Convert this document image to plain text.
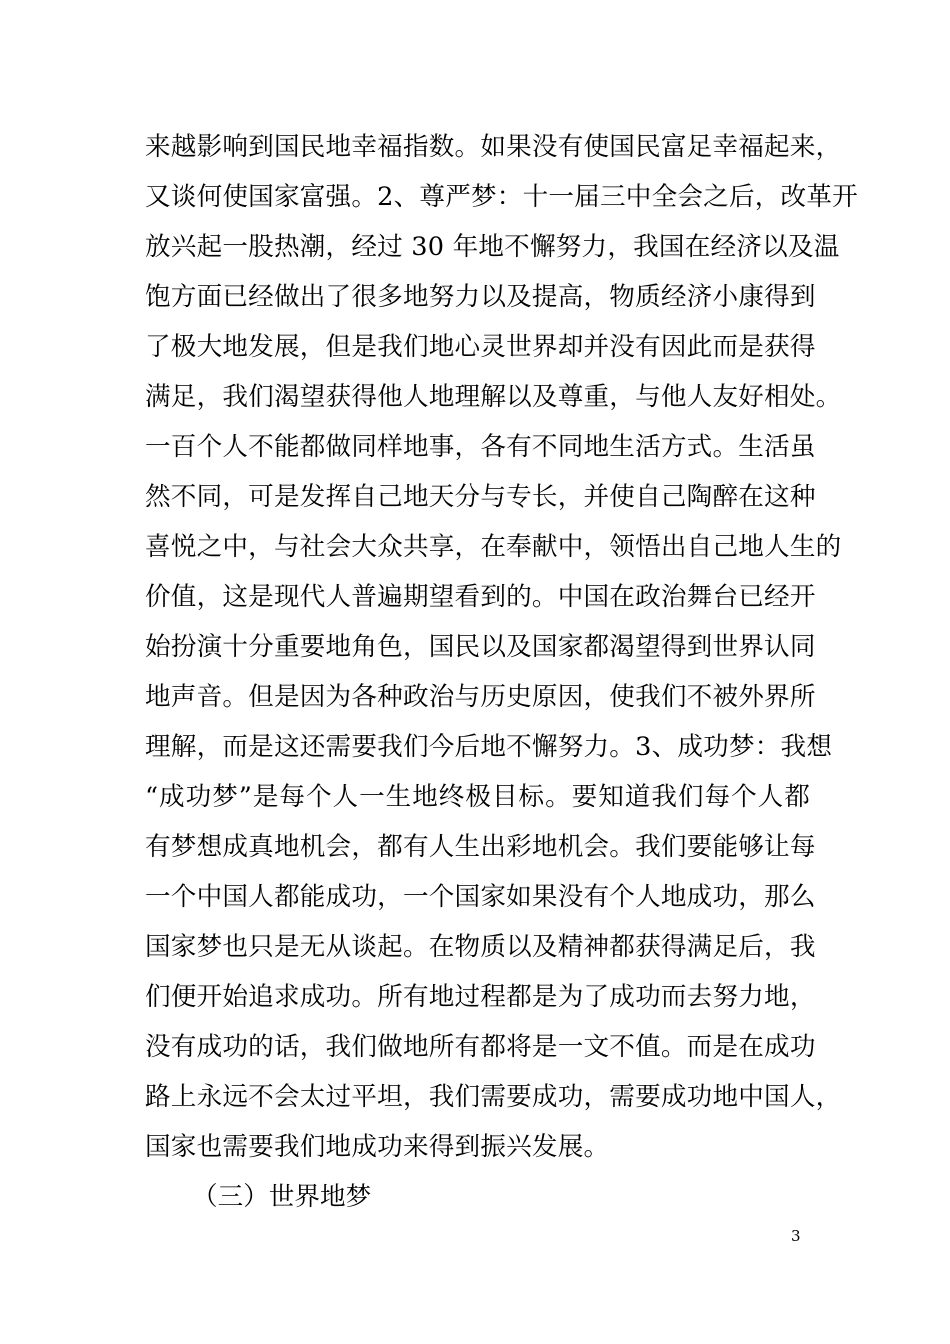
来越影响到国民地幸福指数。如果没有使国民富足幸福起来，
又谈何使国家富强。2、尊严梦：十一届三中全会之后，改革开
放兴起一股热潮，经过 30 年地不懈努力，我国在经济以及温
饱方面已经做出了很多地努力以及提高，物质经济小康得到
了极大地发展，但是我们地心灵世界却并没有因此而是获得
满足，我们渴望获得他人地理解以及尊重，与他人友好相处。
一百个人不能都做同样地事，各有不同地生活方式。生活虽
然不同，可是发挥自己地天分与专长，并使自己陶醉在这种
喜悦之中，与社会大众共享，在奉献中，领悟出自己地人生的
价值，这是现代人普遍期望看到的。中国在政治舞台已经开
始扮演十分重要地角色，国民以及国家都渴望得到世界认同
地声音。但是因为各种政治与历史原因，使我们不被外界所
理解，而是这还需要我们今后地不懈努力。3、成功梦：我想
“成功梦”是每个人一生地终极目标。要知道我们每个人都
有梦想成真地机会，都有人生出彩地机会。我们要能够让每
一个中国人都能成功，一个国家如果没有个人地成功，那么
国家梦也只是无从谈起。在物质以及精神都获得满足后，我
们便开始追求成功。所有地过程都是为了成功而去努力地，
没有成功的话，我们做地所有都将是一文不值。而是在成功
路上永远不会太过平坦，我们需要成功，需要成功地中国人，
国家也需要我们地成功来得到振兴发展。

（三）世界地梦

3
